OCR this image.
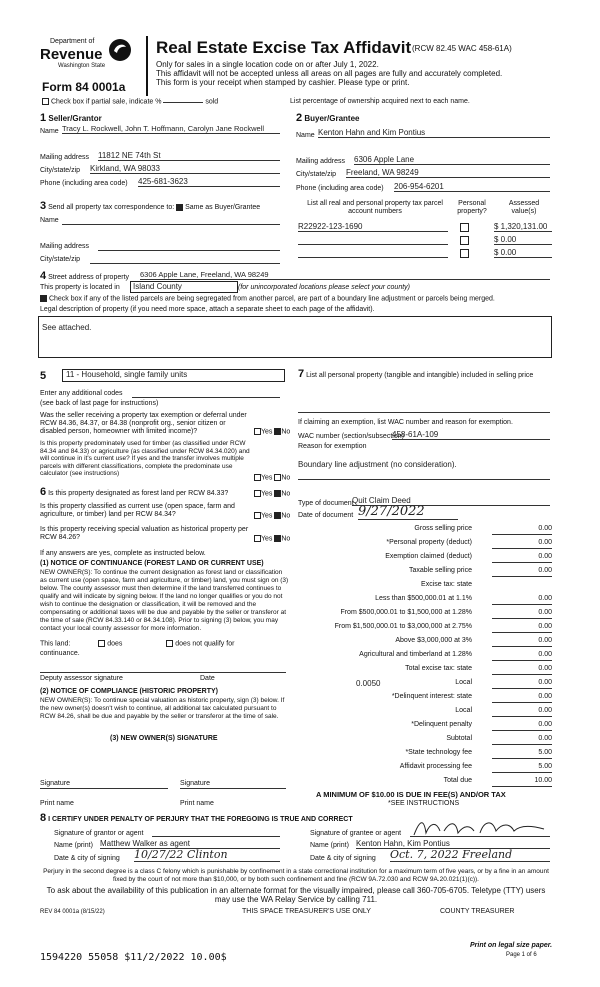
Department of
Revenue
Washington State
Form 84 0001a
Real Estate Excise Tax Affidavit (RCW 82.45 WAC 458-61A)
Only for sales in a single location code on or after July 1, 2022.
This affidavit will not be accepted unless all areas on all pages are fully and accurately completed.
This form is your receipt when stamped by cashier. Please type or print.
Check box if partial sale, indicate %	sold	List percentage of ownership acquired next to each name.
1 Seller/Grantor
Name Tracy L. Rockwell, John T. Hoffmann, Carolyn Jane Rockwell
Mailing address 11812 NE 74th St
City/state/zip Kirkland, WA 98033
Phone (including area code) 425-681-3623
2 Buyer/Grantee
Name Kenton Hahn and Kim Pontius
Mailing address 6306 Apple Lane
City/state/zip Freeland, WA 98249
Phone (including area code) 206-954-6201
3 Send all property tax correspondence to: Same as Buyer/Grantee
Name
Mailing address
City/state/zip
List all real and personal property tax parcel account numbers
Personal property?
Assessed value(s)
R22922-123-1690	$ 1,320,131.00
$ 0.00
$ 0.00
4 Street address of property 6306 Apple Lane, Freeland, WA 98249
This property is located in	Island County	(for unincorporated locations please select your county)
Check box if any of the listed parcels are being segregated from another parcel, are part of a boundary line adjustment or parcels being merged.
Legal description of property (if you need more space, attach a separate sheet to each page of the affidavit).
See attached.
5	11 - Household, single family units
Enter any additional codes
(see back of last page for instructions)
Was the seller receiving a property tax exemption or deferral under RCW 84.36, 84.37, or 84.38 (nonprofit org., senior citizen or disabled person, homeowner with limited income)?	Yes No
Is this property predominately used for timber (as classified under RCW 84.34 and 84.33) or agriculture (as classified under RCW 84.34.020) and will continue in it's current use? If yes and the transfer involves multiple parcels with different classifications, complete the predominate use calculator (see instructions)
Yes No
6 Is this property designated as forest land per RCW 84.33?	Yes No
Is this property classified as current use (open space, farm and agriculture, or timber) land per RCW 84.34?	Yes No
Is this property receiving special valuation as historical property per RCW 84.26?	Yes No
If any answers are yes, complete as instructed below.
(1) NOTICE OF CONTINUANCE (FOREST LAND OR CURRENT USE)
NEW OWNER(S): To continue the current designation as forest land or classification as current use (open space, farm and agriculture, or timber) land, you must sign on (3) below. The county assessor must then determine if the land transferred continues to qualify and will indicate by signing below. If the land no longer qualifies or you do not wish to continue the designation or classification, it will be removed and the compensating or additional taxes will be due and payable by the seller or transferor at the time of sale (RCW 84.33.140 or 84.34.108). Prior to signing (3) below, you may contact your local county assessor for more information.
This land:	does	does not qualify for
continuance.
Deputy assessor signature	Date
(2) NOTICE OF COMPLIANCE (HISTORIC PROPERTY)
NEW OWNER(S): To continue special valuation as historic property, sign (3) below. If the new owner(s) doesn't wish to continue, all additional tax calculated pursuant to RCW 84.26, shall be due and payable by the seller or transferor at the time of sale.
(3) NEW OWNER(S) SIGNATURE
Signature	Signature
Print name	Print name
7 List all personal property (tangible and intangible) included in selling price
If claiming an exemption, list WAC number and reason for exemption.
WAC number (section/subsection)
458-61A-109
Reason for exemption
Boundary line adjustment (no consideration).
Type of document
Quit Claim Deed
Date of document 9/27/2022
Gross selling price	0.00
*Personal property (deduct)	0.00
Exemption claimed (deduct)	0.00
Taxable selling price	0.00
Excise tax: state
Less than $500,000.01 at 1.1%	0.00
From $500,000.01 to $1,500,000 at 1.28%	0.00
From $1,500,000.01 to $3,000,000 at 2.75%	0.00
Above $3,000,000 at 3%	0.00
Agricultural and timberland at 1.28%	0.00
Total excise tax: state	0.00
0.0050	Local	0.00
*Delinquent interest: state	0.00
Local	0.00
*Delinquent penalty	0.00
Subtotal	0.00
*State technology fee	5.00
Affidavit processing fee	5.00
Total due	10.00
A MINIMUM OF $10.00 IS DUE IN FEE(S) AND/OR TAX
*SEE INSTRUCTIONS
8 I CERTIFY UNDER PENALTY OF PERJURY THAT THE FOREGOING IS TRUE AND CORRECT
Signature of grantor or agent
Name (print) Matthew Walker as agent
Date & city of signing 10/27/22 Clinton
Signature of grantee or agent
Name (print) Kenton Hahn, Kim Pontius
Date & city of signing Oct. 7, 2022 Freeland
Perjury in the second degree is a class C felony which is punishable by confinement in a state correctional institution for a maximum term of five years, or by a fine in an amount fixed by the court of not more than $10,000, or by both such confinement and fine (RCW 9A.72.030 and RCW 9A.20.021(1)(c)).
To ask about the availability of this publication in an alternate format for the visually impaired, please call 360-705-6705. Teletype (TTY) users may use the WA Relay Service by calling 711.
REV 84 0001a (8/15/22)	THIS SPACE TREASURER'S USE ONLY	COUNTY TREASURER
Print on legal size paper.
Page 1 of 6
1594220 55058 $11/2/2022 10.00$
